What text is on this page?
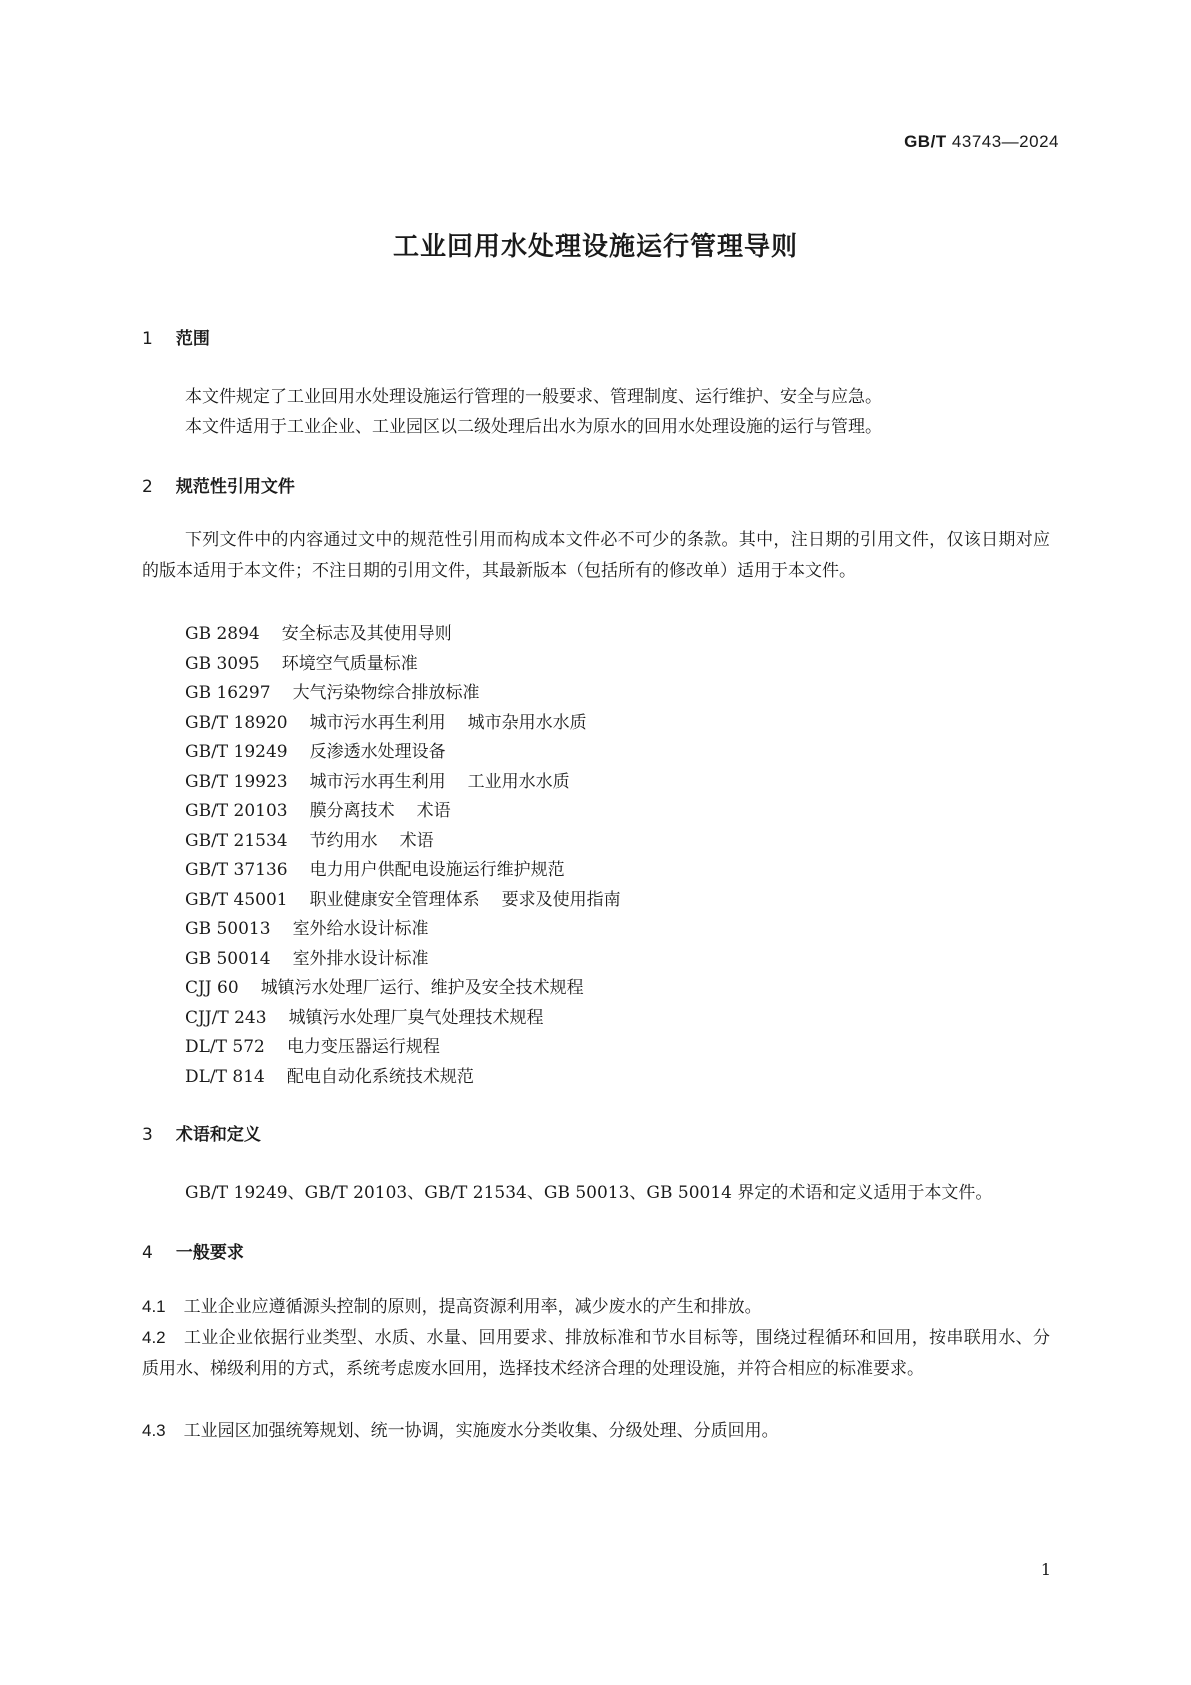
GB/T 43743—2024
工业回用水处理设施运行管理导则
1 范围
本文件规定了工业回用水处理设施运行管理的一般要求、管理制度、运行维护、安全与应急。
本文件适用于工业企业、工业园区以二级处理后出水为原水的回用水处理设施的运行与管理。
2 规范性引用文件
下列文件中的内容通过文中的规范性引用而构成本文件必不可少的条款。其中，注日期的引用文件，仅该日期对应的版本适用于本文件；不注日期的引用文件，其最新版本（包括所有的修改单）适用于本文件。
GB 2894 安全标志及其使用导则
GB 3095 环境空气质量标准
GB 16297 大气污染物综合排放标准
GB/T 18920 城市污水再生利用 城市杂用水水质
GB/T 19249 反渗透水处理设备
GB/T 19923 城市污水再生利用 工业用水水质
GB/T 20103 膜分离技术 术语
GB/T 21534 节约用水 术语
GB/T 37136 电力用户供配电设施运行维护规范
GB/T 45001 职业健康安全管理体系 要求及使用指南
GB 50013 室外给水设计标准
GB 50014 室外排水设计标准
CJJ 60 城镇污水处理厂运行、维护及安全技术规程
CJJ/T 243 城镇污水处理厂臭气处理技术规程
DL/T 572 电力变压器运行规程
DL/T 814 配电自动化系统技术规范
3 术语和定义
GB/T 19249、GB/T 20103、GB/T 21534、GB 50013、GB 50014 界定的术语和定义适用于本文件。
4 一般要求
4.1 工业企业应遵循源头控制的原则，提高资源利用率，减少废水的产生和排放。
4.2 工业企业依据行业类型、水质、水量、回用要求、排放标准和节水目标等，围绕过程循环和回用，按串联用水、分质用水、梯级利用的方式，系统考虑废水回用，选择技术经济合理的处理设施，并符合相应的标准要求。
4.3 工业园区加强统筹规划、统一协调，实施废水分类收集、分级处理、分质回用。
1
